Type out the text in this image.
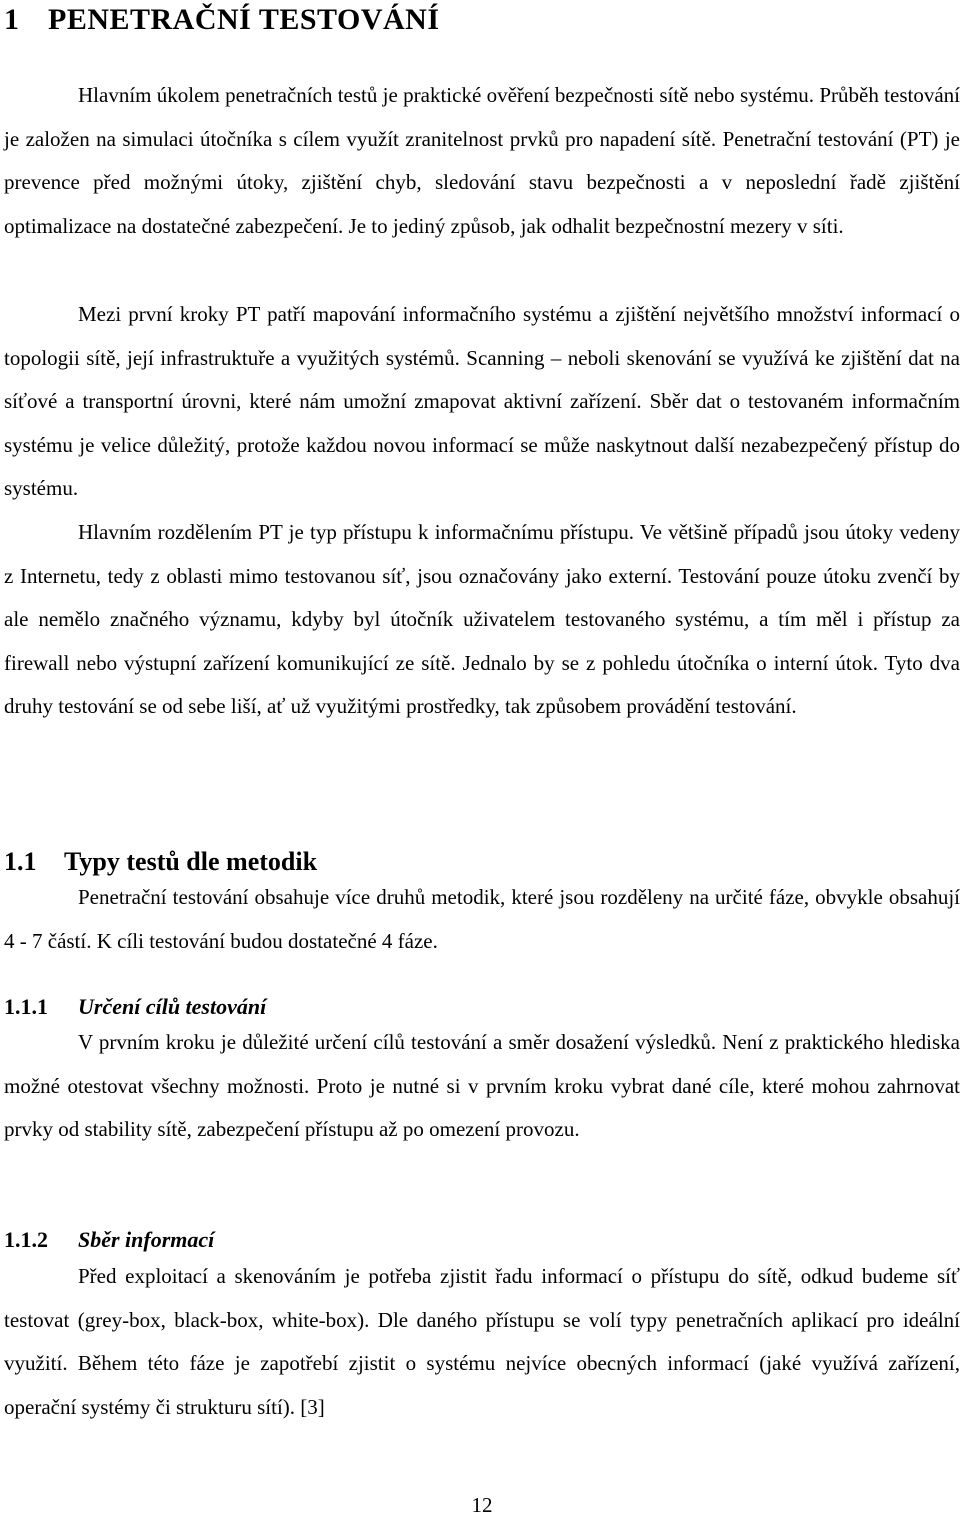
1 PENETRAČNÍ TESTOVÁNÍ

Hlavním úkolem penetračních testů je praktické ověření bezpečnosti sítě nebo systému. Průběh testování je založen na simulaci útočníka s cílem využít zranitelnost prvků pro napadení sítě. Penetrační testování (PT) je prevence před možnými útoky, zjištění chyb, sledování stavu bezpečnosti a v neposlední řadě zjištění optimalizace na dostatečné zabezpečení. Je to jediný způsob, jak odhalit bezpečnostní mezery v síti.

Mezi první kroky PT patří mapování informačního systému a zjištění největšího množství informací o topologii sítě, její infrastruktuře a využitých systémů. Scanning – neboli skenování se využívá ke zjištění dat na síťové a transportní úrovni, které nám umožní zmapovat aktivní zařízení. Sběr dat o testovaném informačním systému je velice důležitý, protože každou novou informací se může naskytnout další nezabezpečený přístup do systému.

Hlavním rozdělením PT je typ přístupu k informačnímu přístupu. Ve většině případů jsou útoky vedeny z Internetu, tedy z oblasti mimo testovanou síť, jsou označovány jako externí. Testování pouze útoku zvenčí by ale nemělo značného významu, kdyby byl útočník uživatelem testovaného systému, a tím měl i přístup za firewall nebo výstupní zařízení komunikující ze sítě. Jednalo by se z pohledu útočníka o interní útok. Tyto dva druhy testování se od sebe liší, ať už využitými prostředky, tak způsobem provádění testování.

1.1 Typy testů dle metodik

Penetrační testování obsahuje více druhů metodik, které jsou rozděleny na určité fáze, obvykle obsahují 4 - 7 částí. K cíli testování budou dostatečné 4 fáze.

1.1.1 Určení cílů testování

V prvním kroku je důležité určení cílů testování a směr dosažení výsledků. Není z praktického hlediska možné otestovat všechny možnosti. Proto je nutné si v prvním kroku vybrat dané cíle, které mohou zahrnovat prvky od stability sítě, zabezpečení přístupu až po omezení provozu.

1.1.2 Sběr informací

Před exploitací a skenováním je potřeba zjistit řadu informací o přístupu do sítě, odkud budeme síť testovat (grey-box, black-box, white-box). Dle daného přístupu se volí typy penetračních aplikací pro ideální využití. Během této fáze je zapotřebí zjistit o systému nejvíce obecných informací (jaké využívá zařízení, operační systémy či strukturu sítí). [3]

12
